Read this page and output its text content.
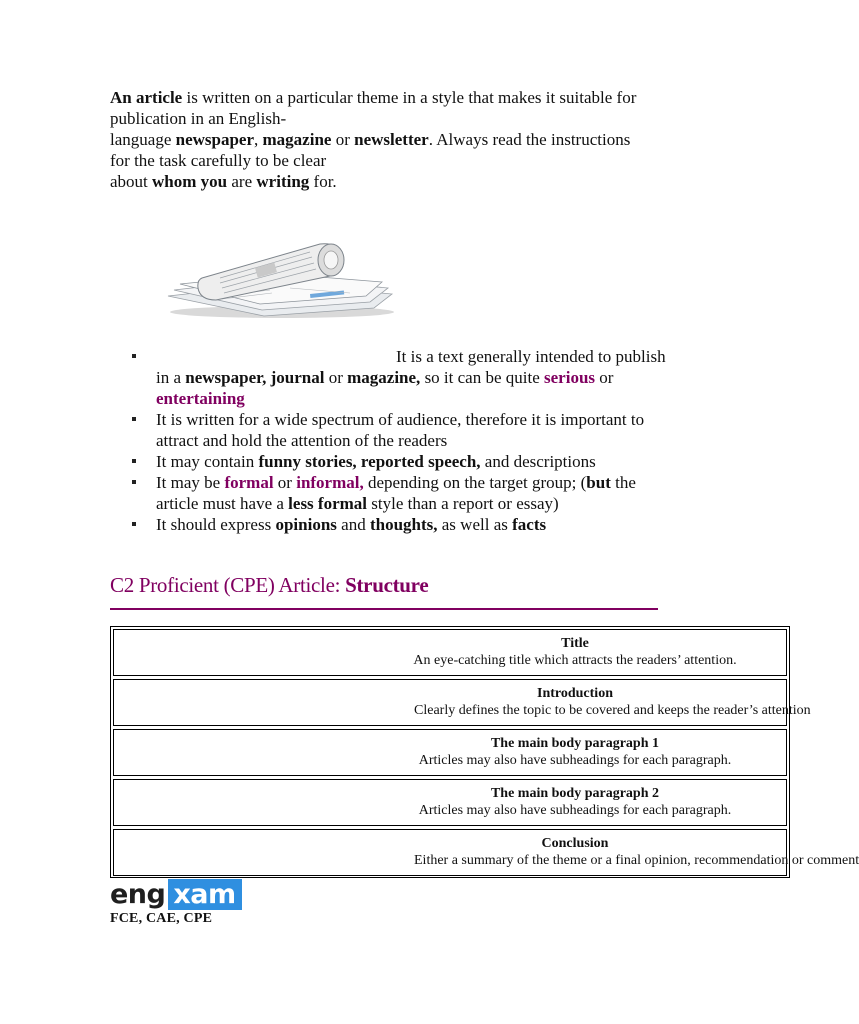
An article is written on a particular theme in a style that makes it suitable for publication in an English-
language newspaper, magazine or newsletter. Always read the instructions for the task carefully to be clear
about whom you are writing for.

It is a text generally intended to publish in a newspaper, journal or magazine, so it can be quite serious or entertaining
It is written for a wide spectrum of audience, therefore it is important to attract and hold the attention of the readers
It may contain funny stories, reported speech, and descriptions
It may be formal or informal, depending on the target group; (but the article must have a less formal style than a report or essay)
It should express opinions and thoughts, as well as facts
C2 Proficient (CPE) Article: Structure
Title
An eye-catching title which attracts the readers’ attention.
Introduction
Clearly defines the topic to be covered and keeps the reader’s attention
The main body paragraph 1
Articles may also have subheadings for each paragraph.
The main body paragraph 2
Articles may also have subheadings for each paragraph.
Conclusion
Either a summary of the theme or a final opinion, recommendation or comment
eng xam
FCE, CAE, CPE
